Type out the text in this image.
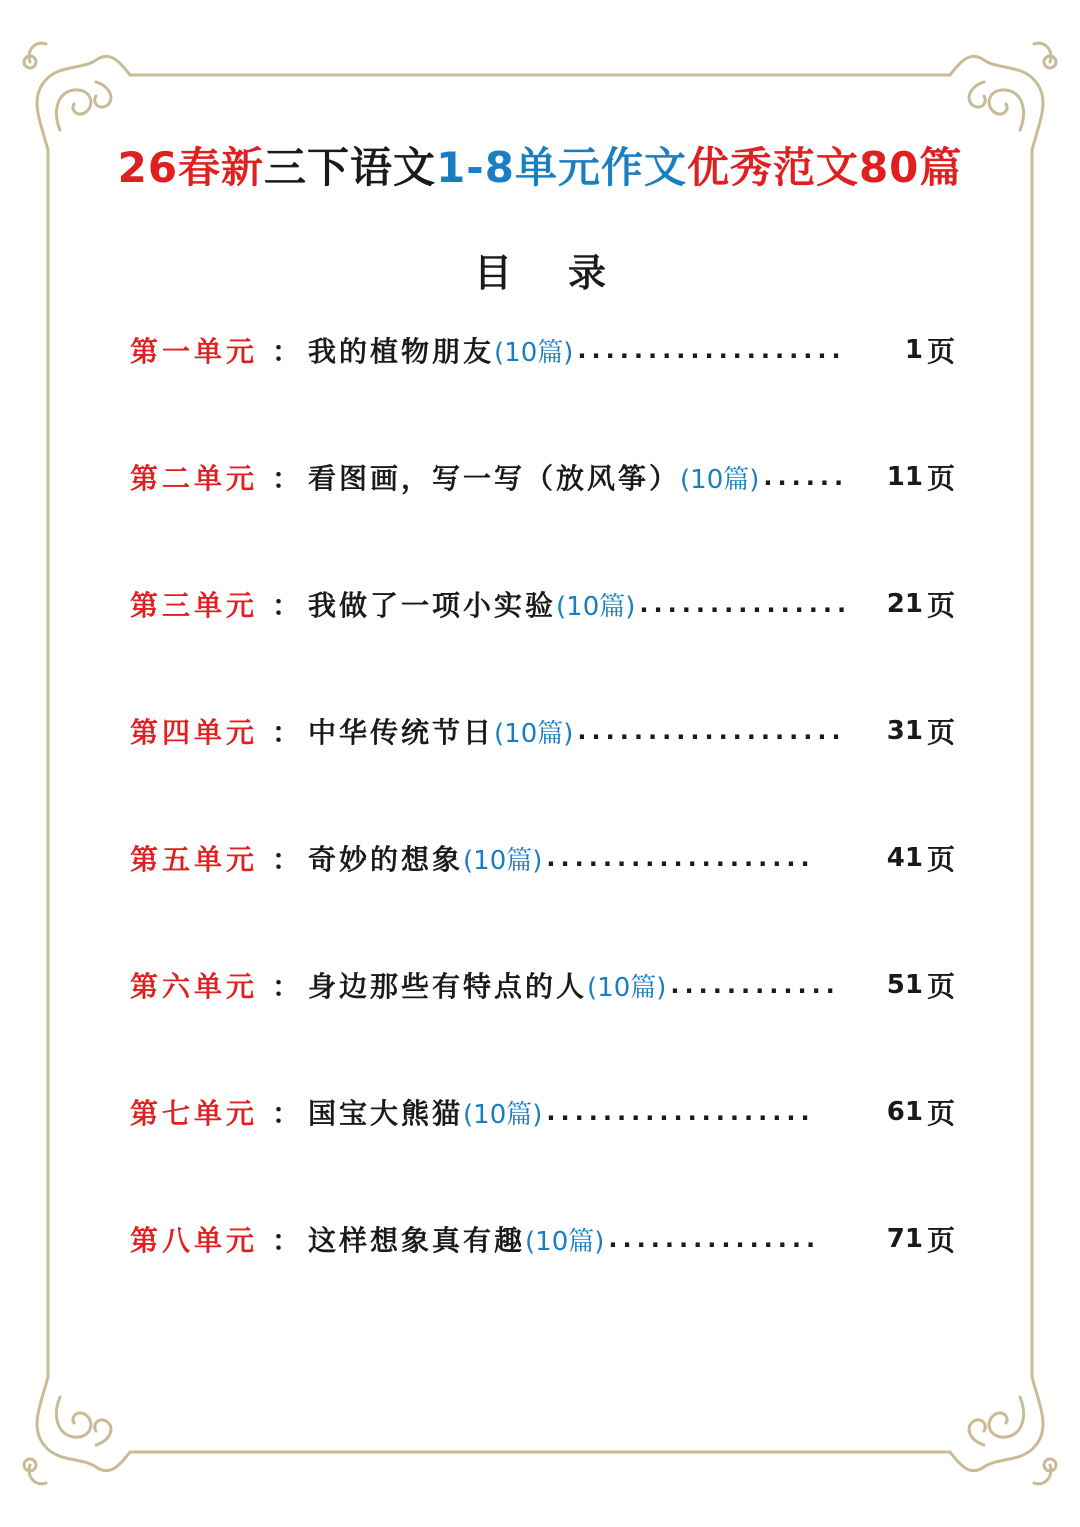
26春新三下语文1-8单元作文优秀范文80篇
目 录
第一单元 ： 我的植物朋友 (10篇) ...................	1 页
第二单元 ： 看图画，写一写（放风筝） (10篇) ......	11 页
第三单元 ： 我做了一项小实验 (10篇) ...............	21 页
第四单元 ： 中华传统节日 (10篇) ...................	31 页
第五单元 ： 奇妙的想象 (10篇) ...................	41 页
第六单元 ： 身边那些有特点的人 (10篇) ............	51 页
第七单元 ： 国宝大熊猫 (10篇) ...................	61 页
第八单元 ： 这样想象真有趣 (10篇) ...............	71 页
